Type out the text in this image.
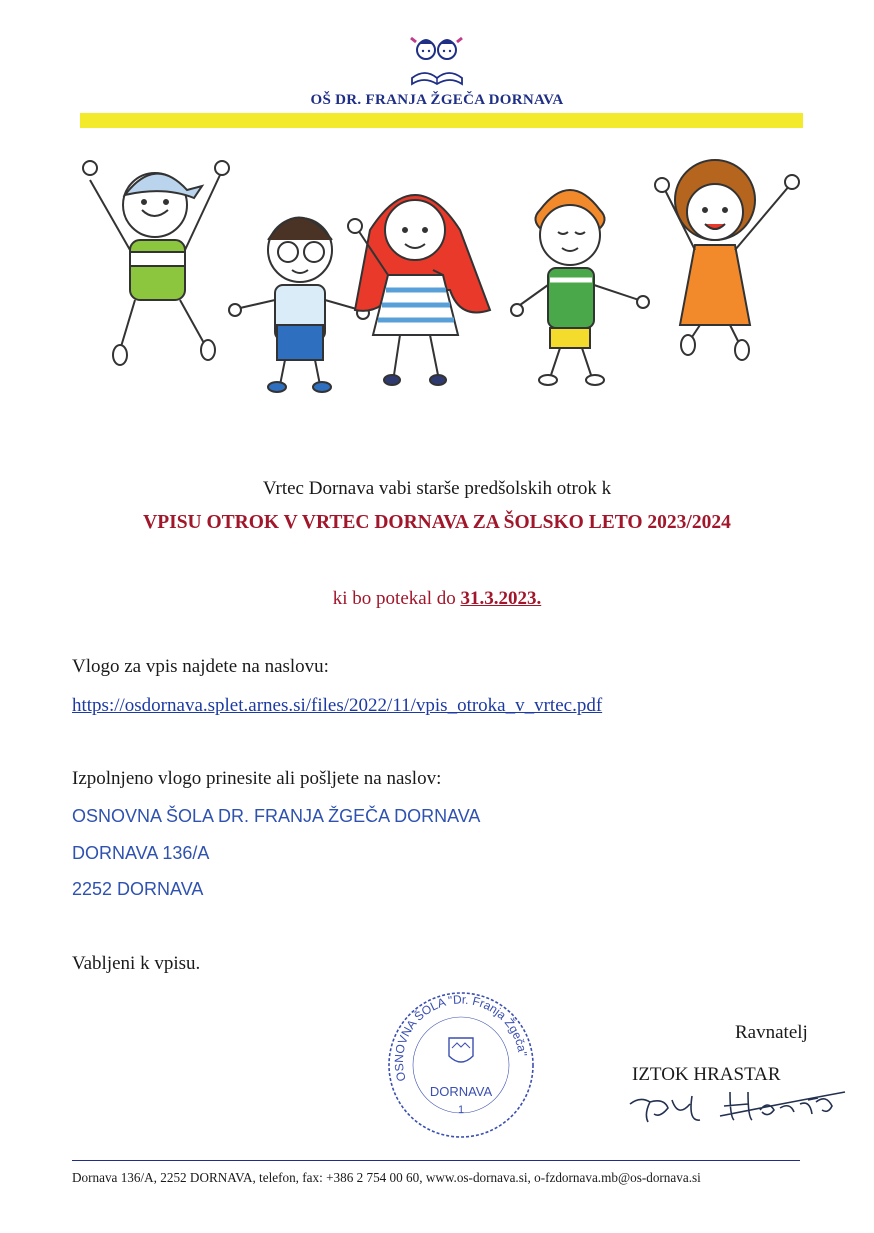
OŠ DR. FRANJA ŽGEČA DORNAVA
Vrtec Dornava vabi starše predšolskih otrok k
VPISU OTROK V VRTEC DORNAVA ZA ŠOLSKO LETO 2023/2024
ki bo potekal do 31.3.2023.
Vlogo za vpis najdete na naslovu:
https://osdornava.splet.arnes.si/files/2022/11/vpis_otroka_v_vrtec.pdf
Izpolnjeno vlogo prinesite ali pošljete na naslov:
OSNOVNA ŠOLA DR. FRANJA ŽGEČA DORNAVA
DORNAVA 136/A
2252 DORNAVA
Vabljeni k vpisu.
OSNOVNA ŠOLA "Dr. Franja Žgeča"
DORNAVA
1
Ravnatelj
IZTOK HRASTAR
Dornava 136/A, 2252 DORNAVA, telefon, fax: +386 2 754 00 60, www.os-dornava.si, o-fzdornava.mb@os-dornava.si
